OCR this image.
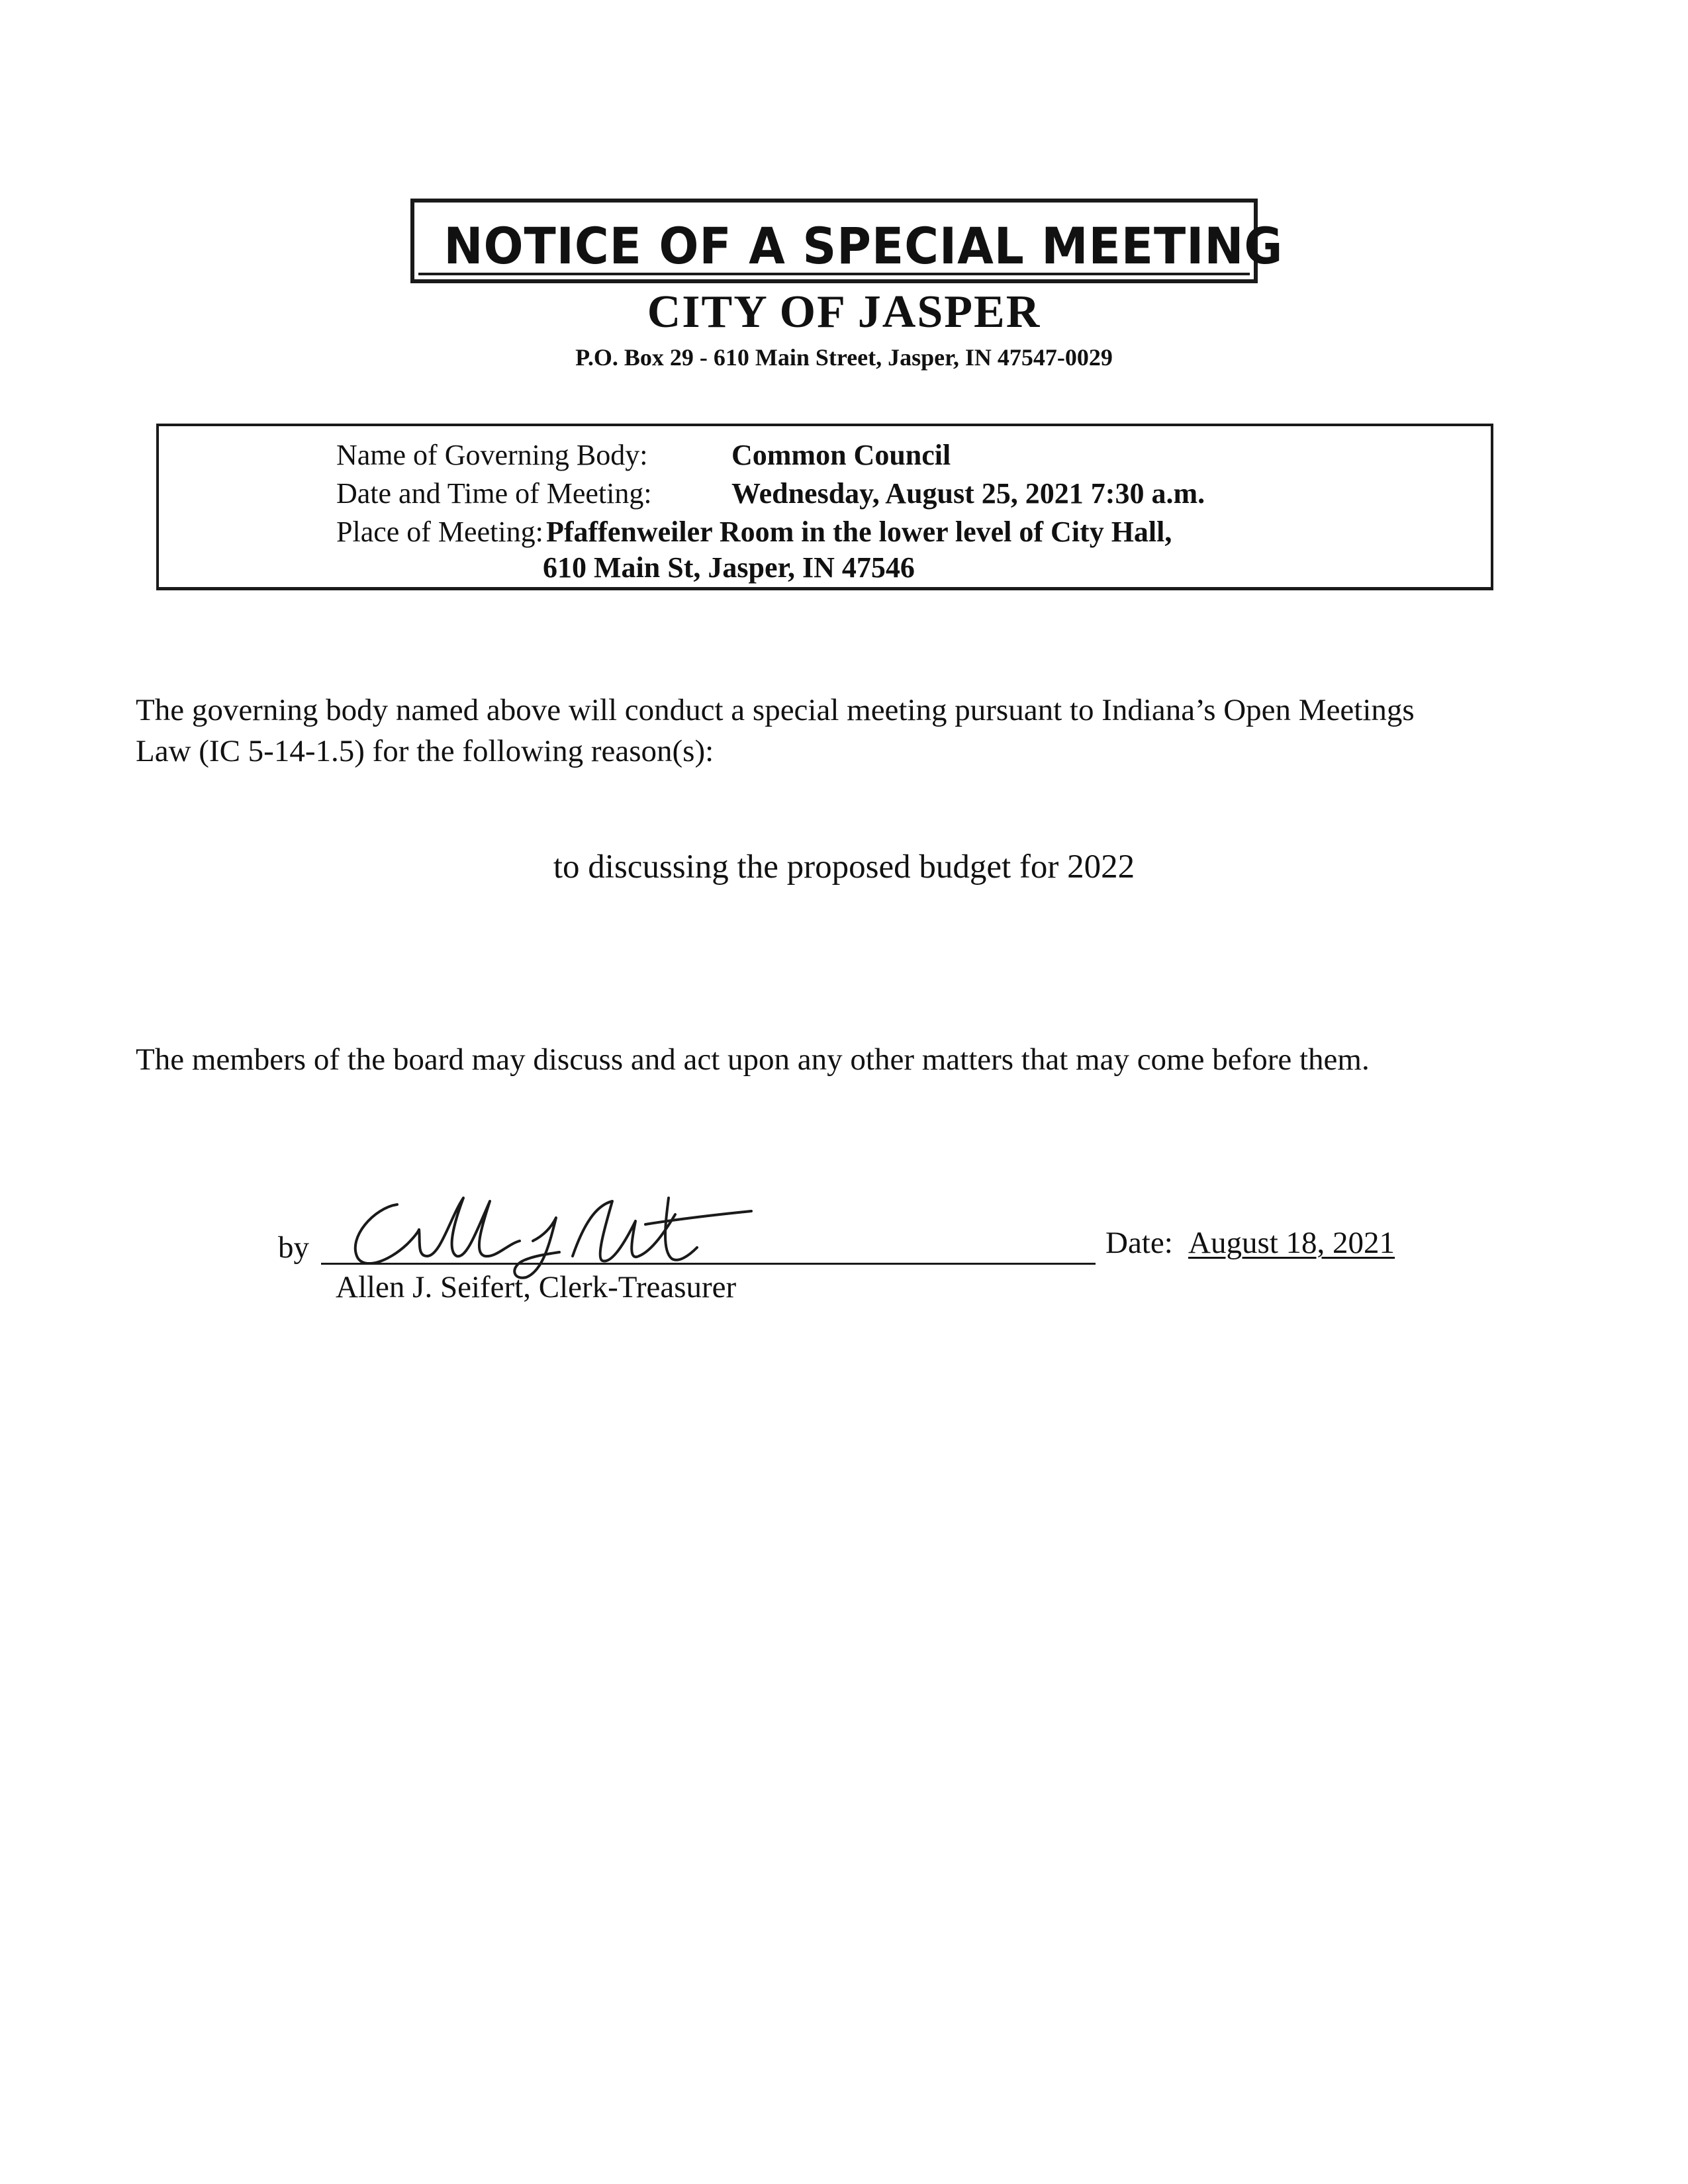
NOTICE OF A SPECIAL MEETING
CITY OF JASPER
P.O. Box 29 - 610 Main Street, Jasper, IN 47547-0029
Name of Governing Body:	Common Council
Date and Time of Meeting:	Wednesday, August 25, 2021 7:30 a.m.
Place of Meeting: Pfaffenweiler Room in the lower level of City Hall,
610 Main St, Jasper, IN 47546
The governing body named above will conduct a special meeting pursuant to Indiana’s Open Meetings
Law (IC 5-14-1.5) for the following reason(s):
to discussing the proposed budget for 2022
The members of the board may discuss and act upon any other matters that may come before them.
by
Allen J. Seifert, Clerk-Treasurer
Date: August 18, 2021
